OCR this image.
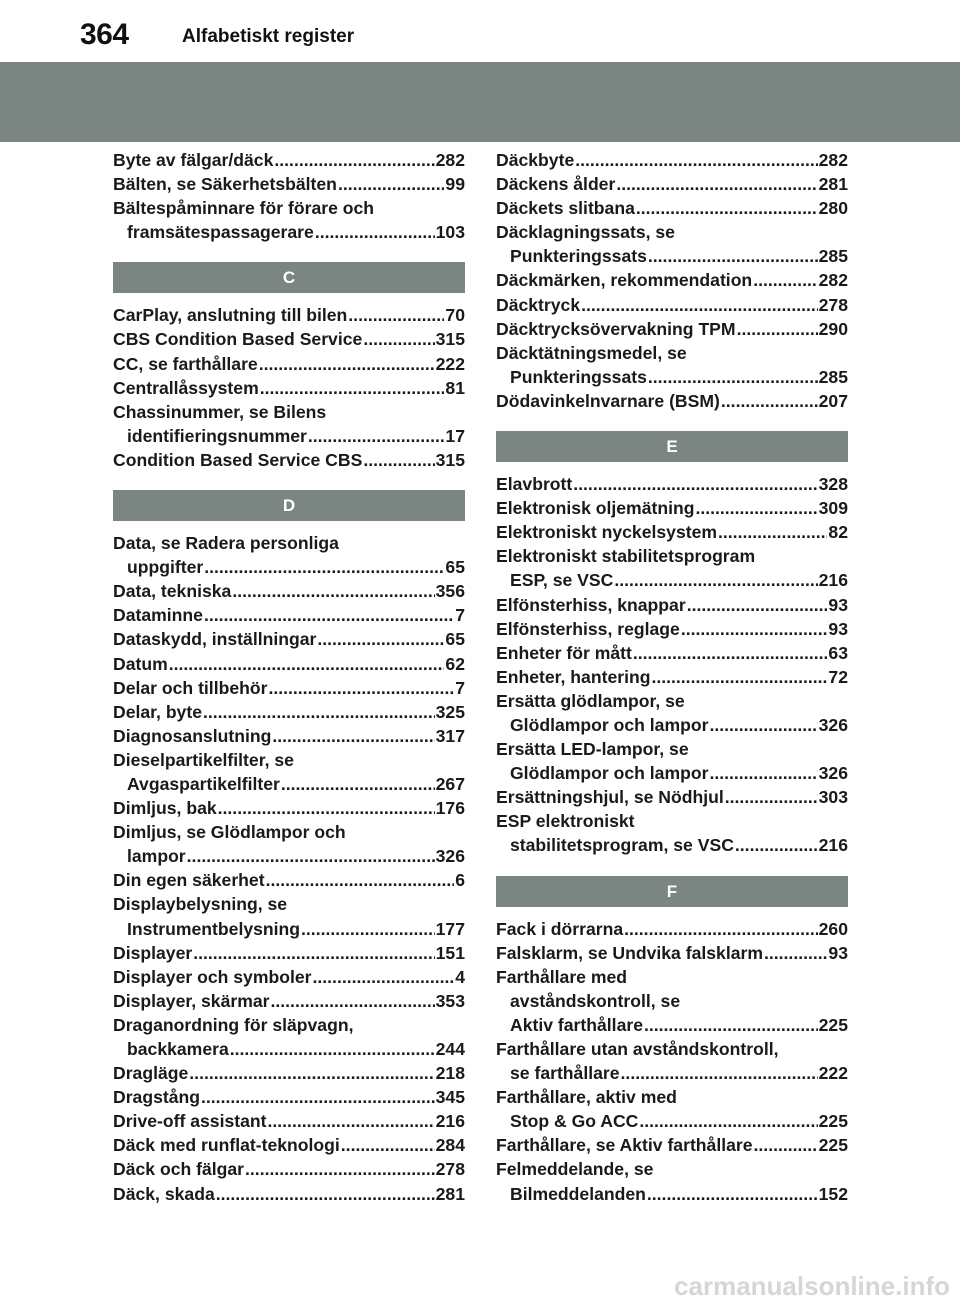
364	Alfabetiskt register
Byte av fälgar/däck .....	282
Bälten, se Säkerhetsbälten .....	99
Bältespåminnare för förare och
framsätespassagerare .....	103
C
CarPlay, anslutning till bilen .....	70
CBS Condition Based Service .....	315
CC, se farthållare .....	222
Centrallåssystem .....	81
Chassinummer, se Bilens
identifieringsnummer .....	17
Condition Based Service CBS .....	315
D
Data, se Radera personliga
uppgifter .....	65
Data, tekniska .....	356
Dataminne .....	7
Dataskydd, inställningar .....	65
Datum .....	62
Delar och tillbehör .....	7
Delar, byte .....	325
Diagnosanslutning .....	317
Dieselpartikelfilter, se
Avgaspartikelfilter .....	267
Dimljus, bak .....	176
Dimljus, se Glödlampor och
lampor .....	326
Din egen säkerhet .....	6
Displaybelysning, se
Instrumentbelysning .....	177
Displayer .....	151
Displayer och symboler .....	4
Displayer, skärmar .....	353
Draganordning för släpvagn,
backkamera .....	244
Dragläge .....	218
Dragstång .....	345
Drive-off assistant .....	216
Däck med runflat-teknologi .....	284
Däck och fälgar .....	278
Däck, skada .....	281
Däckbyte .....	282
Däckens ålder .....	281
Däckets slitbana .....	280
Däcklagningssats, se
Punkteringssats .....	285
Däckmärken, rekommendation .....	282
Däcktryck .....	278
Däcktrycksövervakning TPM .....	290
Däcktätningsmedel, se
Punkteringssats .....	285
Dödavinkelnvarnare (BSM) .....	207
E
Elavbrott .....	328
Elektronisk oljemätning .....	309
Elektroniskt nyckelsystem .....	82
Elektroniskt stabilitetsprogram
ESP, se VSC .....	216
Elfönsterhiss, knappar .....	93
Elfönsterhiss, reglage .....	93
Enheter för mått .....	63
Enheter, hantering .....	72
Ersätta glödlampor, se
Glödlampor och lampor .....	326
Ersätta LED-lampor, se
Glödlampor och lampor .....	326
Ersättningshjul, se Nödhjul .....	303
ESP elektroniskt
stabilitetsprogram, se VSC .....	216
F
Fack i dörrarna .....	260
Falsklarm, se Undvika falsklarm .....	93
Farthållare med
avståndskontroll, se
Aktiv farthållare .....	225
Farthållare utan avståndskontroll,
se farthållare .....	222
Farthållare, aktiv med
Stop & Go ACC .....	225
Farthållare, se Aktiv farthållare .....	225
Felmeddelande, se
Bilmeddelanden .....	152
carmanualsonline.info
